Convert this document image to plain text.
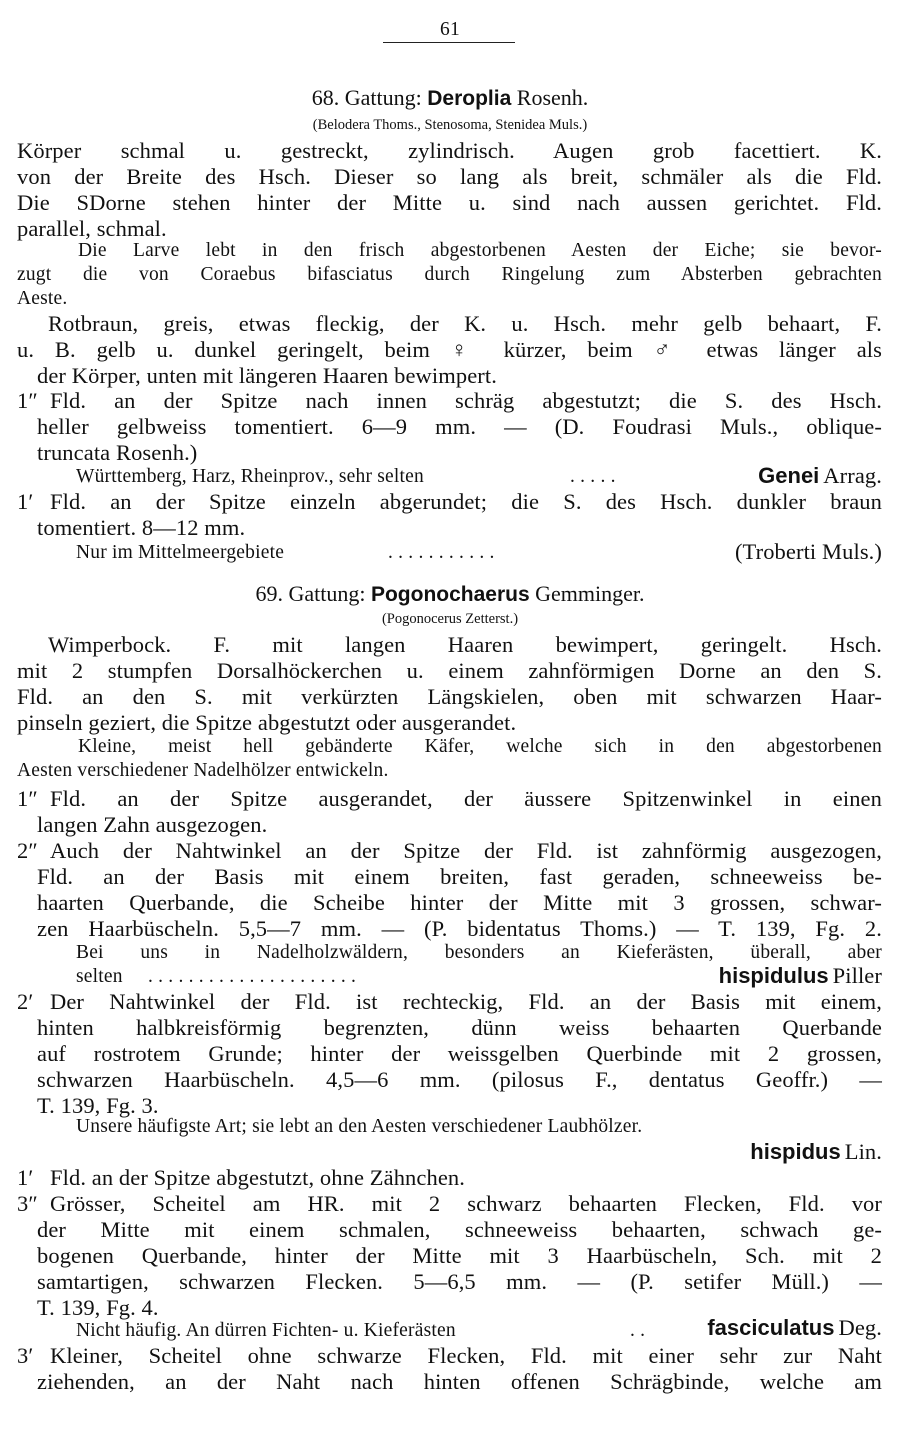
61
68. Gattung: Deroplia Rosenh.
(Belodera Thoms., Stenosoma, Stenidea Muls.)
Körper schmal u. gestreckt, zylindrisch. Augen grob facettiert. K.
von der Breite des Hsch. Dieser so lang als breit, schmäler als die Fld.
Die SDorne stehen hinter der Mitte u. sind nach aussen gerichtet. Fld.
parallel, schmal.
Die Larve lebt in den frisch abgestorbenen Aesten der Eiche; sie bevor-
zugt die von Coraebus bifasciatus durch Ringelung zum Absterben gebrachten
Aeste.
Rotbraun, greis, etwas fleckig, der K. u. Hsch. mehr gelb behaart, F.
u. B. gelb u. dunkel geringelt, beim ♀ kürzer, beim ♂ etwas länger als
der Körper, unten mit längeren Haaren bewimpert.
1″ Fld. an der Spitze nach innen schräg abgestutzt; die S. des Hsch.
heller gelbweiss tomentiert. 6—9 mm. — (D. Foudrasi Muls., oblique-
truncata Rosenh.)
Württemberg, Harz, Rheinprov., sehr selten	. . . . .	Genei Arrag.
1′ Fld. an der Spitze einzeln abgerundet; die S. des Hsch. dunkler braun
tomentiert. 8—12 mm.
Nur im Mittelmeergebiete	. . . . . . . . . . .	(Troberti Muls.)
69. Gattung: Pogonochaerus Gemminger.
(Pogonocerus Zetterst.)
Wimperbock. F. mit langen Haaren bewimpert, geringelt. Hsch.
mit 2 stumpfen Dorsalhöckerchen u. einem zahnförmigen Dorne an den S.
Fld. an den S. mit verkürzten Längskielen, oben mit schwarzen Haar-
pinseln geziert, die Spitze abgestutzt oder ausgerandet.
Kleine, meist hell gebänderte Käfer, welche sich in den abgestorbenen
Aesten verschiedener Nadelhölzer entwickeln.
1″ Fld. an der Spitze ausgerandet, der äussere Spitzenwinkel in einen
langen Zahn ausgezogen.
2″ Auch der Nahtwinkel an der Spitze der Fld. ist zahnförmig ausgezogen,
Fld. an der Basis mit einem breiten, fast geraden, schneeweiss be-
haarten Querbande, die Scheibe hinter der Mitte mit 3 grossen, schwar-
zen Haarbüscheln. 5,5—7 mm. — (P. bidentatus Thoms.) — T. 139, Fg. 2.
Bei uns in Nadelholzwäldern, besonders an Kieferästen, überall, aber
selten . . . . . . . . . . . . . . . . . . . . .	hispidulus Piller
2′ Der Nahtwinkel der Fld. ist rechteckig, Fld. an der Basis mit einem,
hinten halbkreisförmig begrenzten, dünn weiss behaarten Querbande
auf rostrotem Grunde; hinter der weissgelben Querbinde mit 2 grossen,
schwarzen Haarbüscheln. 4,5—6 mm. (pilosus F., dentatus Geoffr.) —
T. 139, Fg. 3.
Unsere häufigste Art; sie lebt an den Aesten verschiedener Laubhölzer.
hispidus Lin.
1′ Fld. an der Spitze abgestutzt, ohne Zähnchen.
3″ Grösser, Scheitel am HR. mit 2 schwarz behaarten Flecken, Fld. vor
der Mitte mit einem schmalen, schneeweiss behaarten, schwach ge-
bogenen Querbande, hinter der Mitte mit 3 Haarbüscheln, Sch. mit 2
samtartigen, schwarzen Flecken. 5—6,5 mm. — (P. setifer Müll.) —
T. 139, Fg. 4.
Nicht häufig. An dürren Fichten- u. Kieferästen	. .	fasciculatus Deg.
3′ Kleiner, Scheitel ohne schwarze Flecken, Fld. mit einer sehr zur Naht
ziehenden, an der Naht nach hinten offenen Schrägbinde, welche am
